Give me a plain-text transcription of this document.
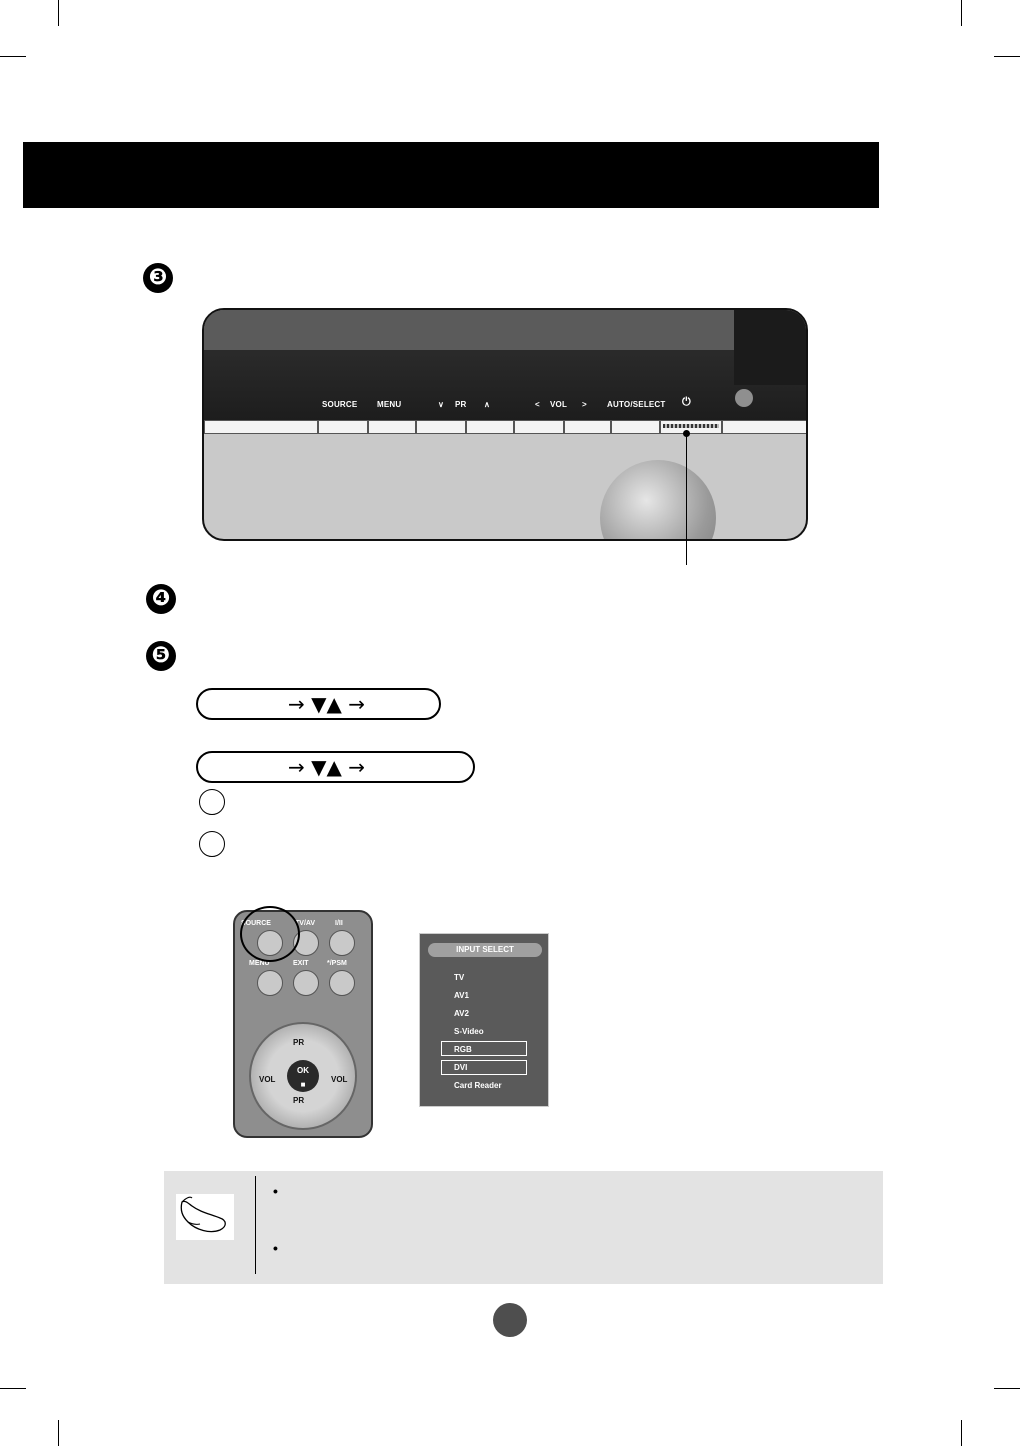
❸
❹
❺
SOURCE MENU	∨ PR ∧	< VOL >	AUTO/SELECT ⏻
→ ▼▲ →
→ ▼▲ →
SOURCE	TV/AV	I/II
MENU	EXIT	*/PSM
PR
PR
VOL	VOL
OK
■
INPUT SELECT
TV
AV1
AV2
S-Video
RGB
DVI
Card Reader
•
•
